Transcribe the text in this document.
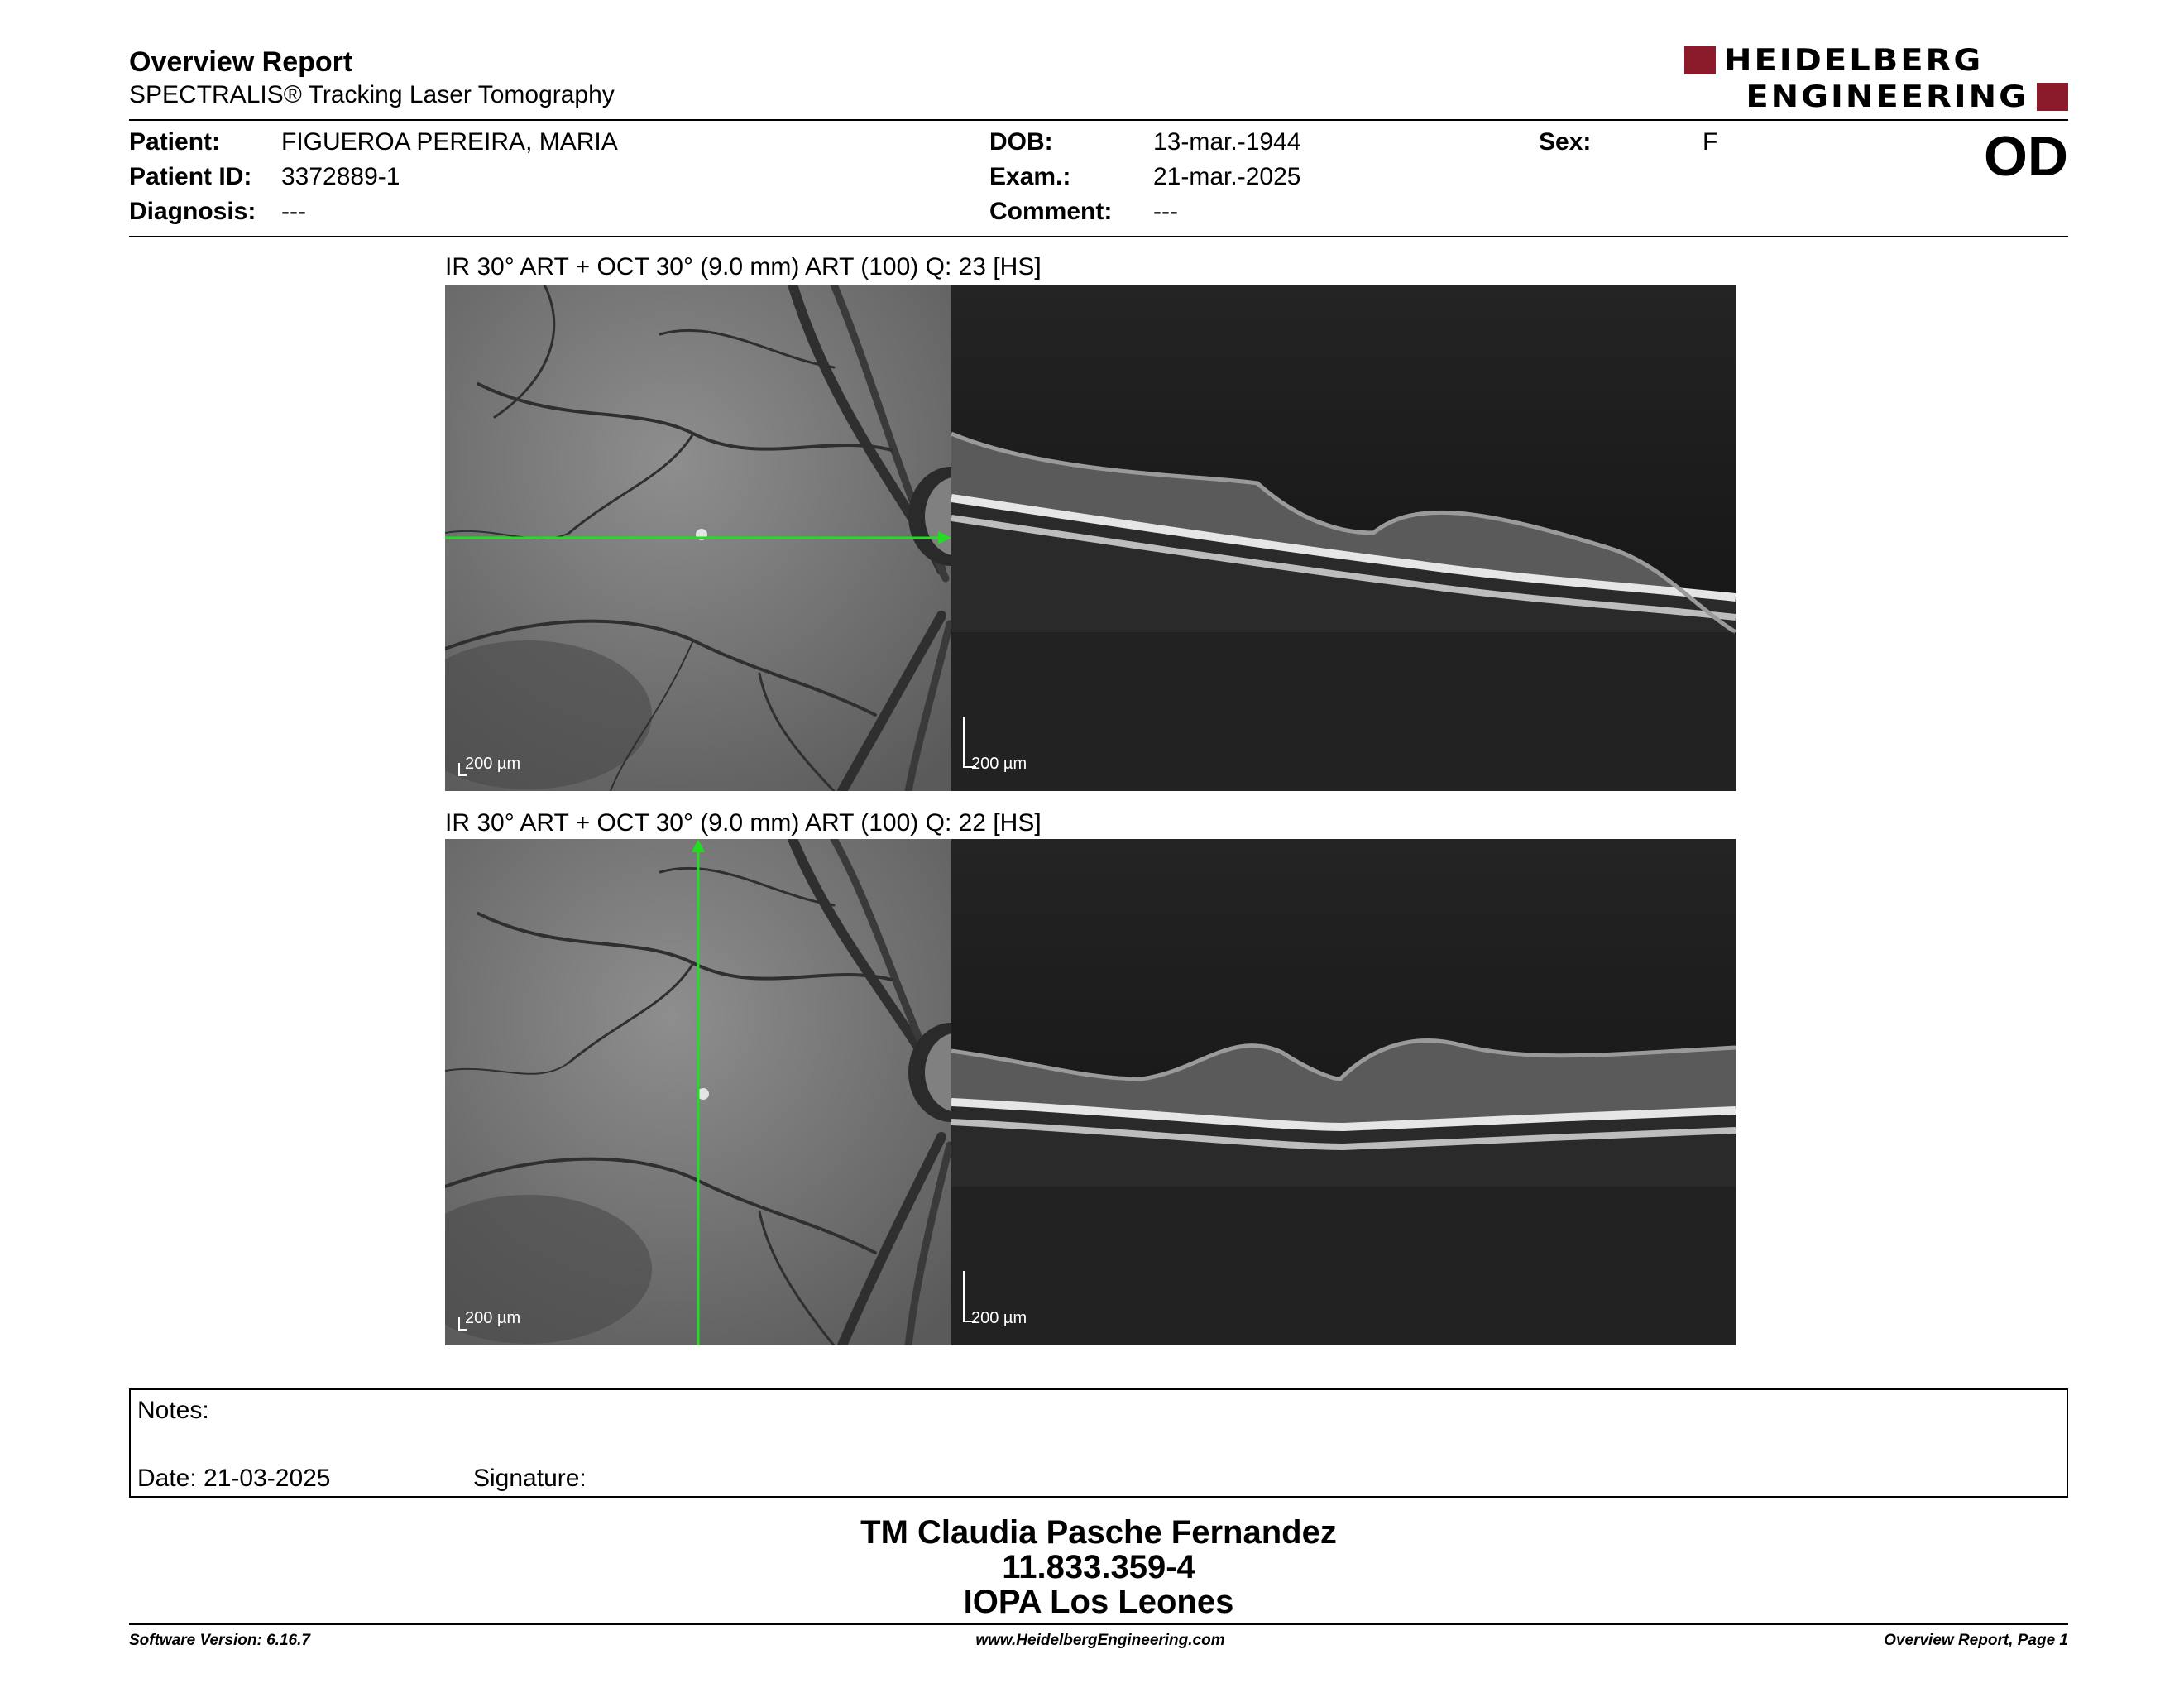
Overview Report
SPECTRALIS® Tracking Laser Tomography
HEIDELBERG
ENGINEERING
Patient: FIGUEROA PEREIRA, MARIA
Patient ID: 3372889-1
Diagnosis: ---
DOB:	13-mar.-1944
Exam.:	21-mar.-2025
Comment: ---
Sex:	F	OD
IR 30° ART + OCT 30° (9.0 mm) ART (100) Q: 23 [HS]
200 µm	200 µm
IR 30° ART + OCT 30° (9.0 mm) ART (100) Q: 22 [HS]
200 µm	200 µm
Notes:
Date: 21-03-2025	Signature:
TM Claudia Pasche Fernandez
11.833.359-4
IOPA Los Leones
Software Version: 6.16.7	www.HeidelbergEngineering.com	Overview Report, Page 1
